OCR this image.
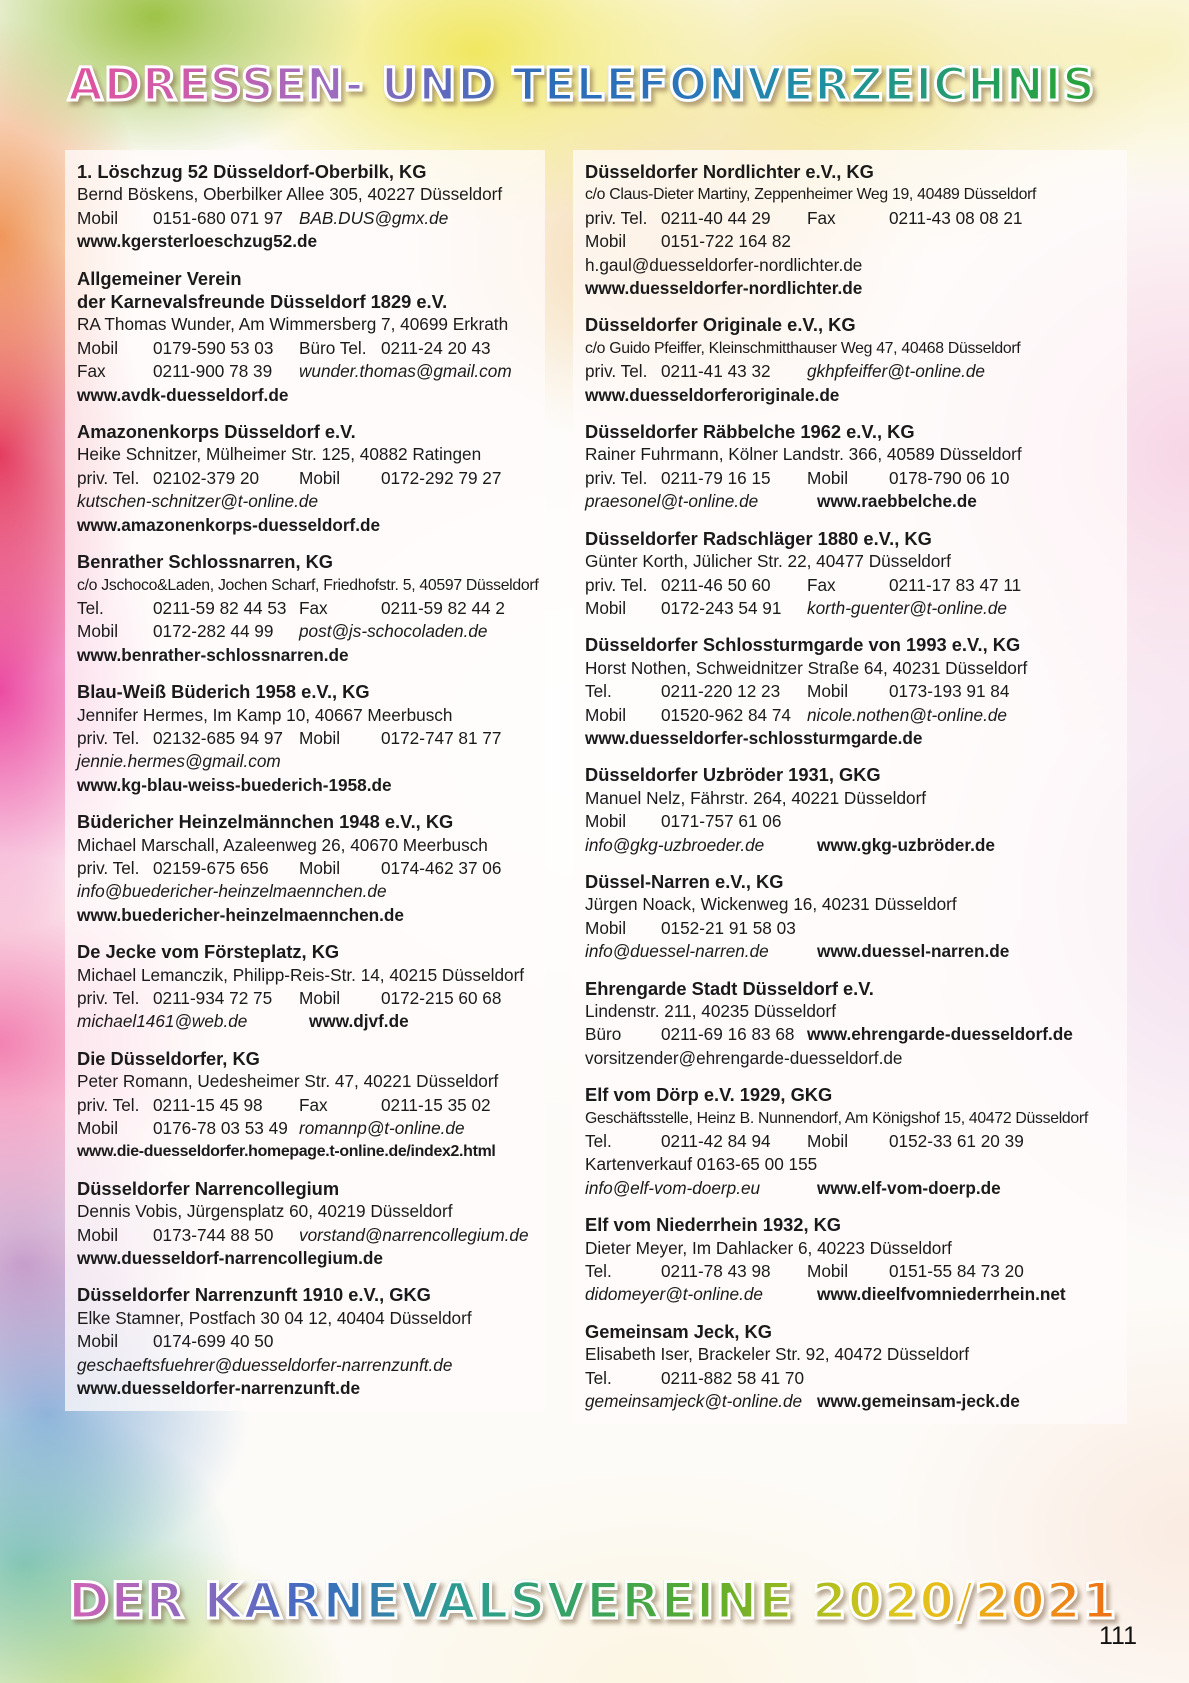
ADRESSEN- UND TELEFONVERZEICHNIS
1. Löschzug 52 Düsseldorf-Oberbilk, KG
Bernd Böskens, Oberbilker Allee 305, 40227 Düsseldorf
Mobil	0151-680 071 97 BAB.DUS@gmx.de
www.kgersterloeschzug52.de
Allgemeiner Verein
der Karnevalsfreunde Düsseldorf 1829 e.V.
RA Thomas Wunder, Am Wimmersberg 7, 40699 Erkrath
Mobil	0179-590 53 03	Büro Tel. 0211-24 20 43
Fax	0211-900 78 39	wunder.thomas@gmail.com
www.avdk-duesseldorf.de
Amazonenkorps Düsseldorf e.V.
Heike Schnitzer, Mülheimer Str. 125, 40882 Ratingen
priv. Tel. 02102-379 20	Mobil	0172-292 79 27
kutschen-schnitzer@t-online.de
www.amazonenkorps-duesseldorf.de
Benrather Schlossnarren, KG
c/o Jschoco&Laden, Jochen Scharf, Friedhofstr. 5, 40597 Düsseldorf
Tel.	0211-59 82 44 53 Fax	0211-59 82 44 2
Mobil	0172-282 44 99	post@js-schocoladen.de
www.benrather-schlossnarren.de
Blau-Weiß Büderich 1958 e.V., KG
Jennifer Hermes, Im Kamp 10, 40667 Meerbusch
priv. Tel. 02132-685 94 97 Mobil	0172-747 81 77
jennie.hermes@gmail.com
www.kg-blau-weiss-buederich-1958.de
Büdericher Heinzelmännchen 1948 e.V., KG
Michael Marschall, Azaleenweg 26, 40670 Meerbusch
priv. Tel. 02159-675 656	Mobil	0174-462 37 06
info@buedericher-heinzelmaennchen.de
www.buedericher-heinzelmaennchen.de
De Jecke vom Försteplatz, KG
Michael Lemanczik, Philipp-Reis-Str. 14, 40215 Düsseldorf
priv. Tel. 0211-934 72 75	Mobil	0172-215 60 68
michael1461@web.de	www.djvf.de
Die Düsseldorfer, KG
Peter Romann, Uedesheimer Str. 47, 40221 Düsseldorf
priv. Tel. 0211-15 45 98	Fax	0211-15 35 02
Mobil	0176-78 03 53 49 romannp@t-online.de
www.die-duesseldorfer.homepage.t-online.de/index2.html
Düsseldorfer Narrencollegium
Dennis Vobis, Jürgensplatz 60, 40219 Düsseldorf
Mobil	0173-744 88 50	vorstand@narrencollegium.de
www.duesseldorf-narrencollegium.de
Düsseldorfer Narrenzunft 1910 e.V., GKG
Elke Stamner, Postfach 30 04 12, 40404 Düsseldorf
Mobil	0174-699 40 50
geschaeftsfuehrer@duesseldorfer-narrenzunft.de
www.duesseldorfer-narrenzunft.de
Düsseldorfer Nordlichter e.V., KG
c/o Claus-Dieter Martiny, Zeppenheimer Weg 19, 40489 Düsseldorf
priv. Tel. 0211-40 44 29	Fax	0211-43 08 08 21
Mobil	0151-722 164 82
h.gaul@duesseldorfer-nordlichter.de
www.duesseldorfer-nordlichter.de
Düsseldorfer Originale e.V., KG
c/o Guido Pfeiffer, Kleinschmitthauser Weg 47, 40468 Düsseldorf
priv. Tel. 0211-41 43 32	gkhpfeiffer@t-online.de
www.duesseldorferoriginale.de
Düsseldorfer Räbbelche 1962 e.V., KG
Rainer Fuhrmann, Kölner Landstr. 366, 40589 Düsseldorf
priv. Tel. 0211-79 16 15	Mobil	0178-790 06 10
praesonel@t-online.de	www.raebbelche.de
Düsseldorfer Radschläger 1880 e.V., KG
Günter Korth, Jülicher Str. 22, 40477 Düsseldorf
priv. Tel. 0211-46 50 60	Fax	0211-17 83 47 11
Mobil	0172-243 54 91	korth-guenter@t-online.de
Düsseldorfer Schlossturmgarde von 1993 e.V., KG
Horst Nothen, Schweidnitzer Straße 64, 40231 Düsseldorf
Tel.	0211-220 12 23	Mobil	0173-193 91 84
Mobil	01520-962 84 74 nicole.nothen@t-online.de
www.duesseldorfer-schlossturmgarde.de
Düsseldorfer Uzbröder 1931, GKG
Manuel Nelz, Fährstr. 264, 40221 Düsseldorf
Mobil	0171-757 61 06
info@gkg-uzbroeder.de	www.gkg-uzbröder.de
Düssel-Narren e.V., KG
Jürgen Noack, Wickenweg 16, 40231 Düsseldorf
Mobil	0152-21 91 58 03
info@duessel-narren.de	www.duessel-narren.de
Ehrengarde Stadt Düsseldorf e.V.
Lindenstr. 211, 40235 Düsseldorf
Büro	0211-69 16 83 68 www.ehrengarde-duesseldorf.de
vorsitzender@ehrengarde-duesseldorf.de
Elf vom Dörp e.V. 1929, GKG
Geschäftsstelle, Heinz B. Nunnendorf, Am Königshof 15, 40472 Düsseldorf
Tel.	0211-42 84 94	Mobil	0152-33 61 20 39
Kartenverkauf 0163-65 00 155
info@elf-vom-doerp.eu	www.elf-vom-doerp.de
Elf vom Niederrhein 1932, KG
Dieter Meyer, Im Dahlacker 6, 40223 Düsseldorf
Tel.	0211-78 43 98	Mobil	0151-55 84 73 20
didomeyer@t-online.de	www.dieelfvomniederrhein.net
Gemeinsam Jeck, KG
Elisabeth Iser, Brackeler Str. 92, 40472 Düsseldorf
Tel.	0211-882 58 41 70
gemeinsamjeck@t-online.de www.gemeinsam-jeck.de
DER KARNEVALSVEREINE 2020/2021
111
